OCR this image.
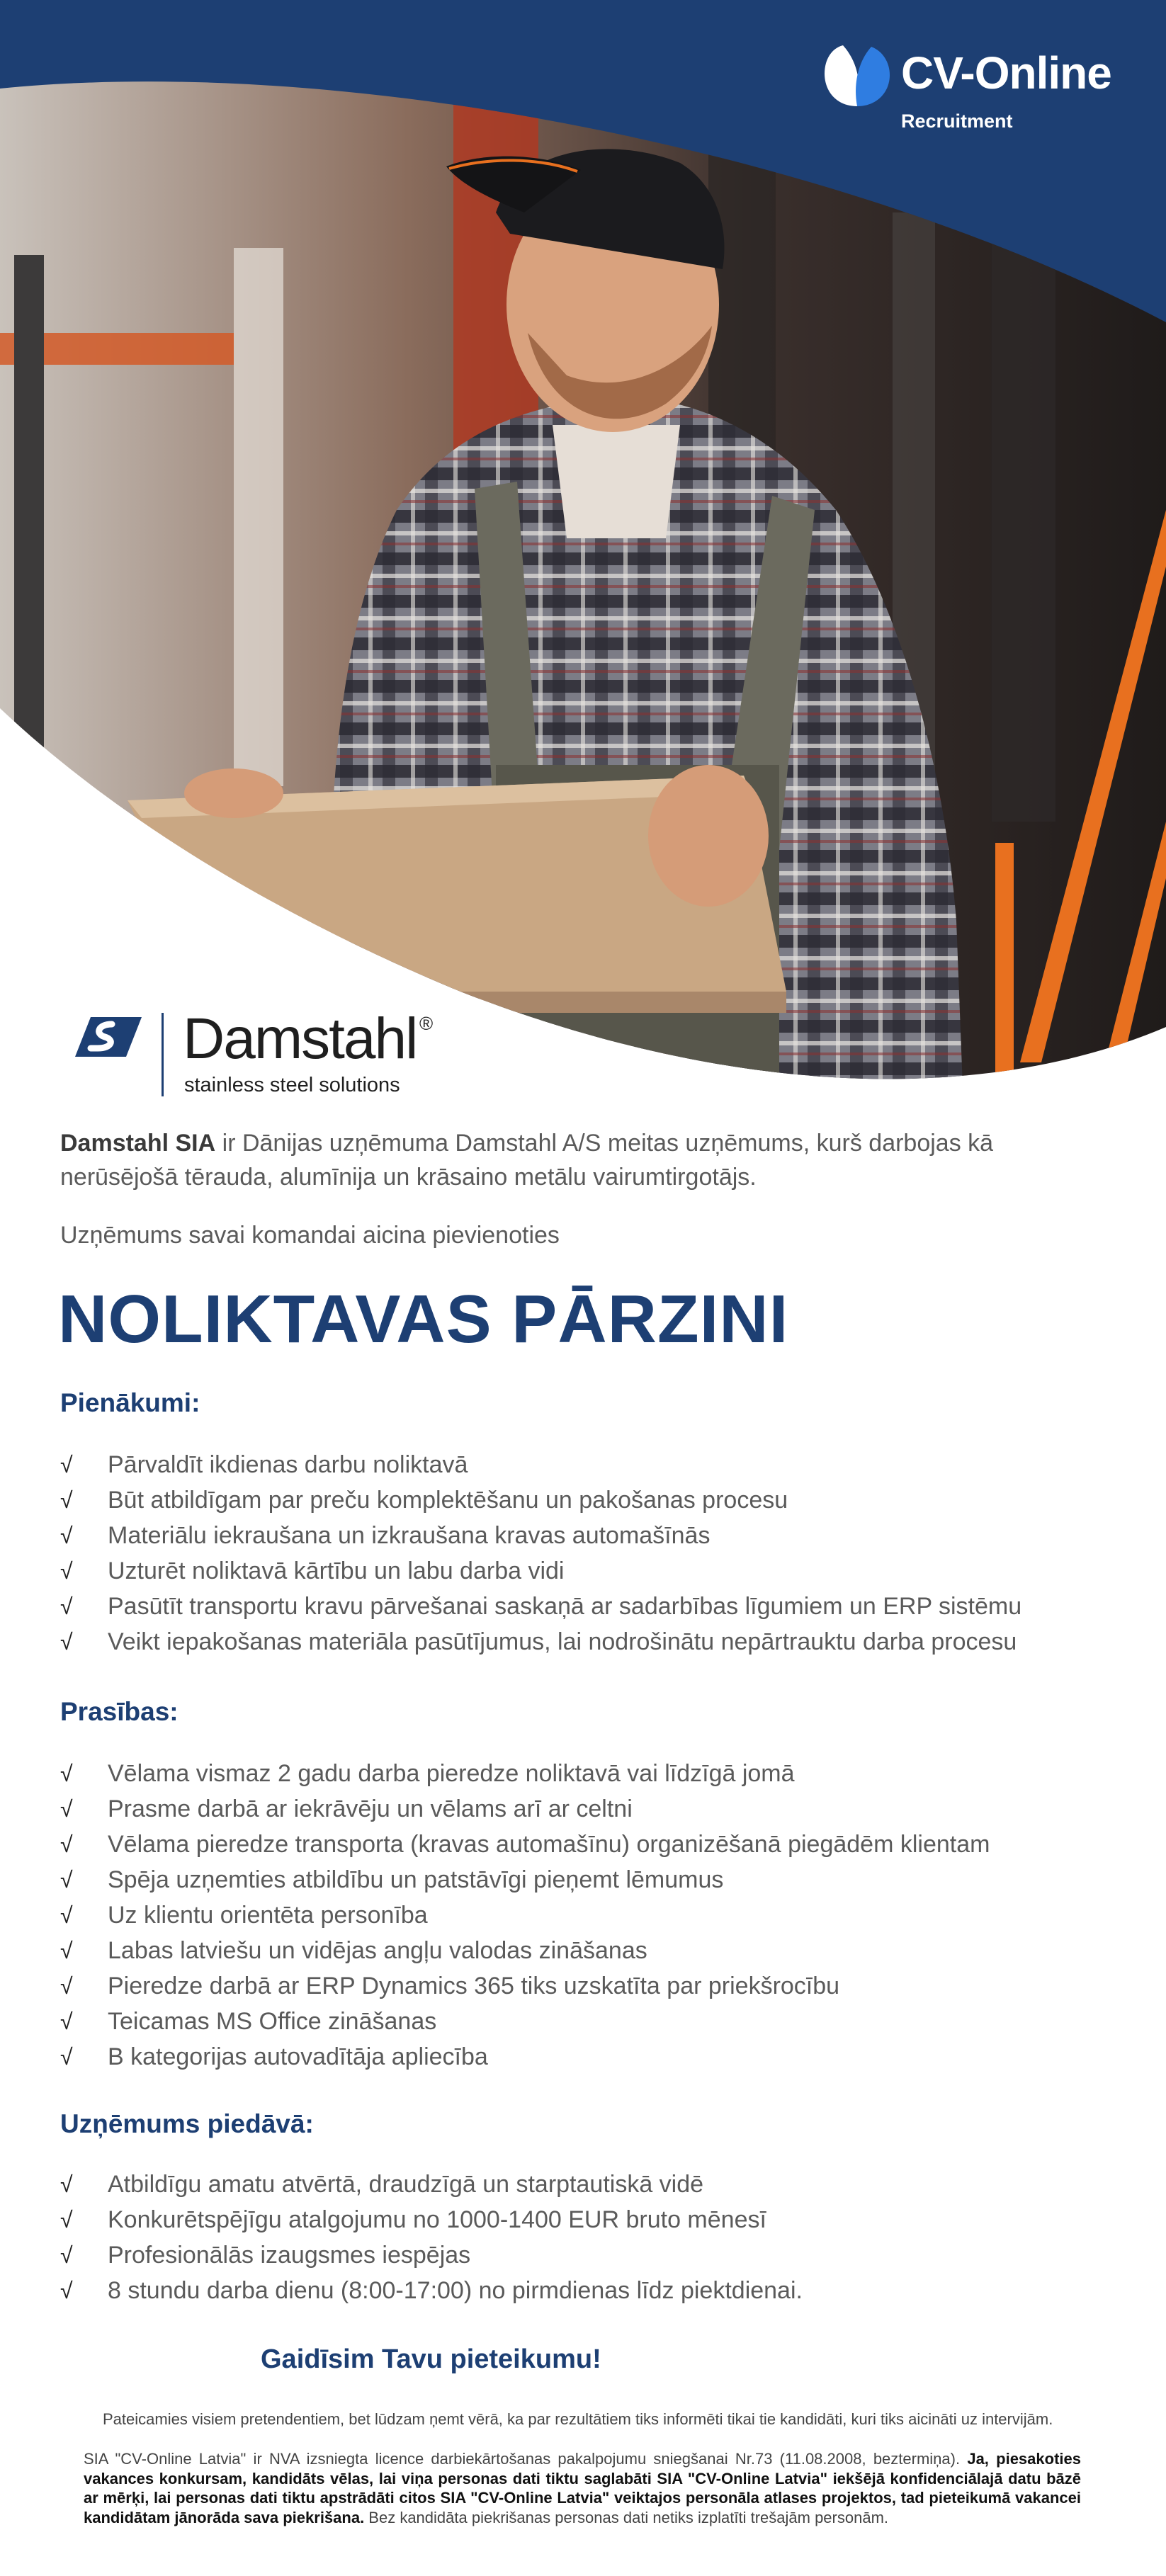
CV-Online
Recruitment
Damstahl ®
stainless steel solutions

Damstahl SIA ir Dānijas uzņēmuma Damstahl A/S meitas uzņēmums, kurš darbojas kā nerūsējošā tērauda, alumīnija un krāsaino metālu vairumtirgotājs.

Uzņēmums savai komandai aicina pievienoties
NOLIKTAVAS PĀRZINI
Pienākumi:
√ Pārvaldīt ikdienas darbu noliktavā
√ Būt atbildīgam par preču komplektēšanu un pakošanas procesu
√ Materiālu iekraušana un izkraušana kravas automašīnās
√ Uzturēt noliktavā kārtību un labu darba vidi
√ Pasūtīt transportu kravu pārvešanai saskaņā ar sadarbības līgumiem un ERP sistēmu
√ Veikt iepakošanas materiāla pasūtījumus, lai nodrošinātu nepārtrauktu darba procesu
Prasības:
√ Vēlama vismaz 2 gadu darba pieredze noliktavā vai līdzīgā jomā
√ Prasme darbā ar iekrāvēju un vēlams arī ar celtni
√ Vēlama pieredze transporta (kravas automašīnu) organizēšanā piegādēm klientam
√ Spēja uzņemties atbildību un patstāvīgi pieņemt lēmumus
√ Uz klientu orientēta personība
√ Labas latviešu un vidējas angļu valodas zināšanas
√ Pieredze darbā ar ERP Dynamics 365 tiks uzskatīta par priekšrocību
√ Teicamas MS Office zināšanas
√ B kategorijas autovadītāja apliecība
Uzņēmums piedāvā:
√ Atbildīgu amatu atvērtā, draudzīgā un starptautiskā vidē
√ Konkurētspējīgu atalgojumu no 1000-1400 EUR bruto mēnesī
√ Profesionālās izaugsmes iespējas
√ 8 stundu darba dienu (8:00-17:00) no pirmdienas līdz piektdienai.
Gaidīsim Tavu pieteikumu!
Pateicamies visiem pretendentiem, bet lūdzam ņemt vērā, ka par rezultātiem tiks informēti tikai tie kandidāti, kuri tiks aicināti uz intervijām.

SIA "CV-Online Latvia" ir NVA izsniegta licence darbiekārtošanas pakalpojumu sniegšanai Nr.73 (11.08.2008, beztermiņa). Ja, piesakoties vakances konkursam, kandidāts vēlas, lai viņa personas dati tiktu saglabāti SIA "CV-Online Latvia" iekšējā konfidenciālajā datu bāzē ar mērķi, lai personas dati tiktu apstrādāti citos SIA "CV-Online Latvia" veiktajos personāla atlases projektos, tad pieteikumā vakancei kandidātam jānorāda sava piekrišana. Bez kandidāta piekrišanas personas dati netiks izplatīti trešajām personām.
